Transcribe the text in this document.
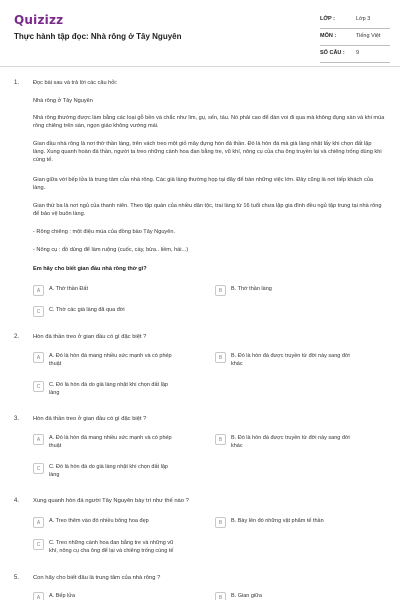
Quizizz
Thực hành tập đọc: Nhà rông ở Tây Nguyên
LỚP :	Lớp 3
MÔN :	Tiếng Việt
SỐ CÂU : 9
1. Đọc bài sau và trả lời các câu hỏi:
Nhà rông ở Tây Nguyên
Nhà rông thường được làm bằng các loại gỗ bền và chắc như lim, gụ, sến, táu. Nó phải cao để đàn voi đi qua mà không đụng sàn và khi múa rông chiêng trên sàn, ngọn giáo không vướng mái.
Gian đầu nhà rông là nơi thờ thần làng, trên vách treo một giỏ mây đựng hòn đá thần. Đó là hòn đá mà già làng nhặt lấy khi chọn đất lập làng. Xung quanh hoàn đá thần, người ta treo những cành hoa đan bằng tre, vũ khí, nông cụ của cha ông truyền lại và chiêng trống dùng khi cúng tế.
Gian giữa với bếp lửa là trung tâm của nhà rông. Các già làng thường họp tại đây để bàn những việc lớn. Đây cũng là nơi tiếp khách của làng.
Gian thứ ba là nơi ngủ của thanh niên. Theo tập quán của nhiều dân tộc, trai làng từ 16 tuổi chưa lập gia đình đều ngủ tập trung tại nhà rông để bảo vệ buôn làng.
- Rông chiêng : một điệu múa của đồng bào Tây Nguyên.
- Nông cụ : đồ dùng để làm ruộng (cuốc, cày, bừa.. liềm, hái...)
Em hãy cho biết gian đầu nhà rông thờ gì?
A	A. Thờ thần Đất	B	B. Thờ thần làng
C	C. Thờ các già làng đã qua đời
2. Hòn đá thần treo ở gian đầu có gì đặc biệt ?
A	A. Đó là hòn đá mang nhiều sức mạnh và có phép
thuật
B	B. Đó là hòn đá được truyền từ đời này sang đời
khác
C	C. Đó là hòn đá do già làng nhặt khi chọn đất lập
làng
3. Hòn đá thần treo ở gian đầu có gì đặc biệt ?
A	A. Đó là hòn đá mang nhiều sức mạnh và có phép
thuật
B	B. Đó là hòn đá được truyền từ đời này sang đời
khác
C	C. Đó là hòn đá do già làng nhặt khi chọn đất lập
làng
4. Xung quanh hòn đá người Tây Nguyên bày trí như thế nào ?
A	A. Treo thêm vào đó nhiều bông hoa đẹp	B	B. Bày lên đó những vật phẩm tế thần
C	C. Treo những cành hoa đan bằng tre và những vũ
khí, nông cụ cha ông để lại và chiêng trống cúng tế
5. Con hãy cho biết đâu là trung tâm của nhà rông ?
A	A. Bếp lửa	B	B. Gian giữa
